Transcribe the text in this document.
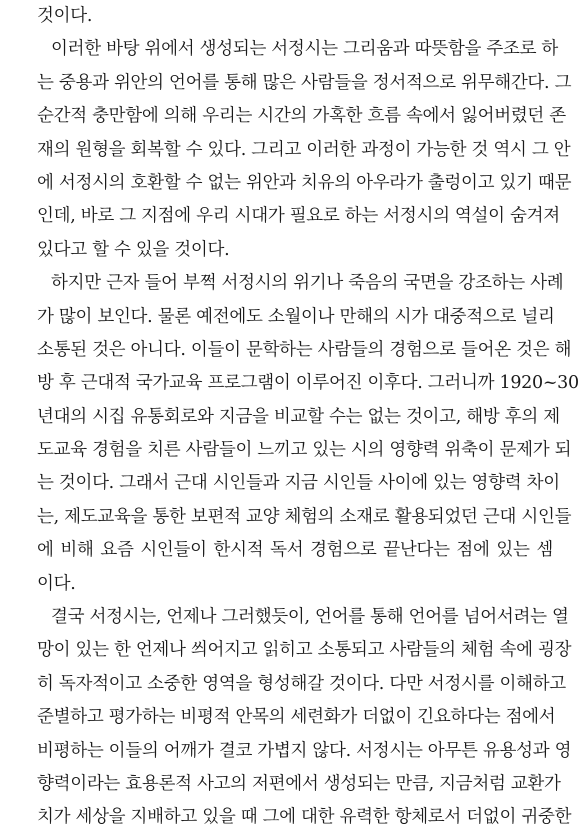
것이다.
이러한 바탕 위에서 생성되는 서정시는 그리움과 따뜻함을 주조로 하
는 중용과 위안의 언어를 통해 많은 사람들을 정서적으로 위무해간다. 그
순간적 충만함에 의해 우리는 시간의 가혹한 흐름 속에서 잃어버렸던 존
재의 원형을 회복할 수 있다. 그리고 이러한 과정이 가능한 것 역시 그 안
에 서정시의 호환할 수 없는 위안과 치유의 아우라가 출렁이고 있기 때문
인데, 바로 그 지점에 우리 시대가 필요로 하는 서정시의 역설이 숨겨져
있다고 할 수 있을 것이다.
하지만 근자 들어 부쩍 서정시의 위기나 죽음의 국면을 강조하는 사례
가 많이 보인다. 물론 예전에도 소월이나 만해의 시가 대중적으로 널리
소통된 것은 아니다. 이들이 문학하는 사람들의 경험으로 들어온 것은 해
방 후 근대적 국가교육 프로그램이 이루어진 이후다. 그러니까 1920~30
년대의 시집 유통회로와 지금을 비교할 수는 없는 것이고, 해방 후의 제
도교육 경험을 치른 사람들이 느끼고 있는 시의 영향력 위축이 문제가 되
는 것이다. 그래서 근대 시인들과 지금 시인들 사이에 있는 영향력 차이
는, 제도교육을 통한 보편적 교양 체험의 소재로 활용되었던 근대 시인들
에 비해 요즘 시인들이 한시적 독서 경험으로 끝난다는 점에 있는 셈
이다.
결국 서정시는, 언제나 그러했듯이, 언어를 통해 언어를 넘어서려는 열
망이 있는 한 언제나 씌어지고 읽히고 소통되고 사람들의 체험 속에 굉장
히 독자적이고 소중한 영역을 형성해갈 것이다. 다만 서정시를 이해하고
준별하고 평가하는 비평적 안목의 세련화가 더없이 긴요하다는 점에서
비평하는 이들의 어깨가 결코 가볍지 않다. 서정시는 아무튼 유용성과 영
향력이라는 효용론적 사고의 저편에서 생성되는 만큼, 지금처럼 교환가
치가 세상을 지배하고 있을 때 그에 대한 유력한 항체로서 더없이 귀중한
